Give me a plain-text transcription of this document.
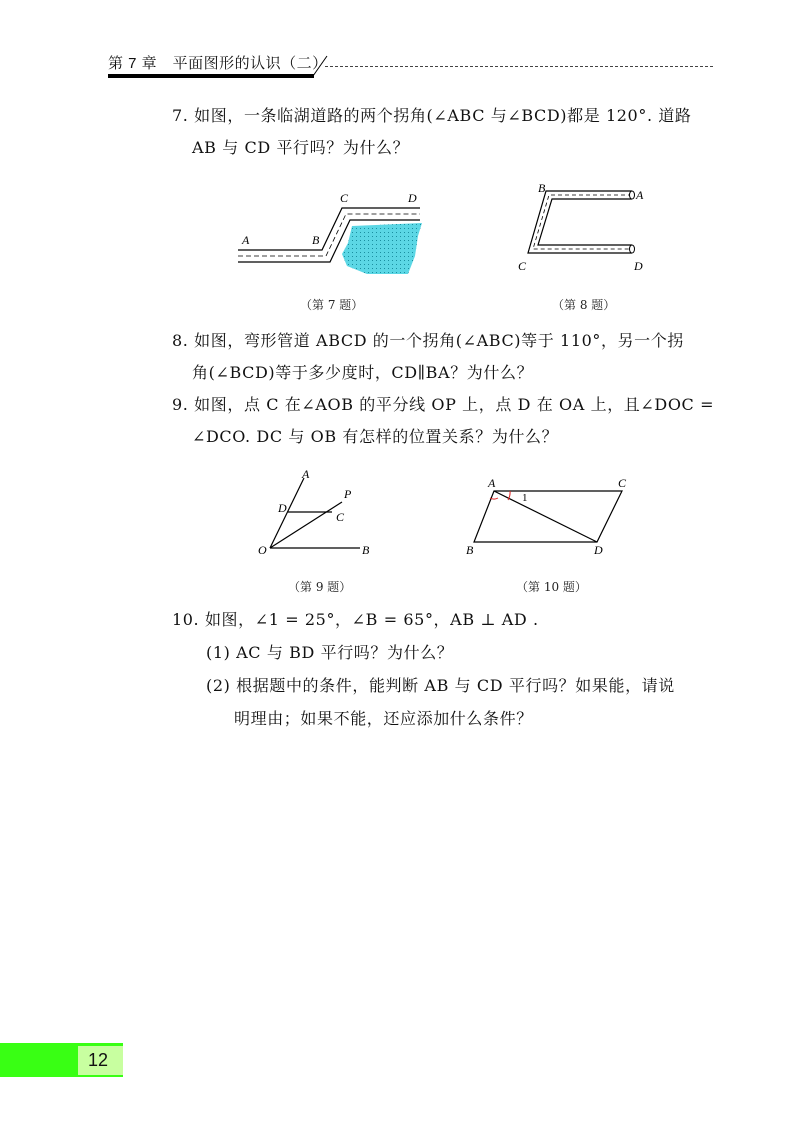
第 7 章　平面图形的认识（二）
7. 如图，一条临湖道路的两个拐角(∠ABC 与∠BCD)都是 120°. 道路
AB 与 CD 平行吗？为什么？
A	B
C	D
（第 7 题）
B	A
C	D
（第 8 题）
8. 如图，弯形管道 ABCD 的一个拐角(∠ABC)等于 110°，另一个拐
角(∠BCD)等于多少度时，CD∥BA？为什么？
9. 如图，点 C 在∠AOB 的平分线 OP 上，点 D 在 OA 上，且∠DOC =
∠DCO. DC 与 OB 有怎样的位置关系？为什么？
A
P
D
C
O	B
（第 9 题）
A	C
B	D
1
（第 10 题）
10. 如图，∠1 = 25°，∠B = 65°，AB ⊥ AD .
(1) AC 与 BD 平行吗？为什么？
(2) 根据题中的条件，能判断 AB 与 CD 平行吗？如果能，请说
明理由；如果不能，还应添加什么条件？
12
